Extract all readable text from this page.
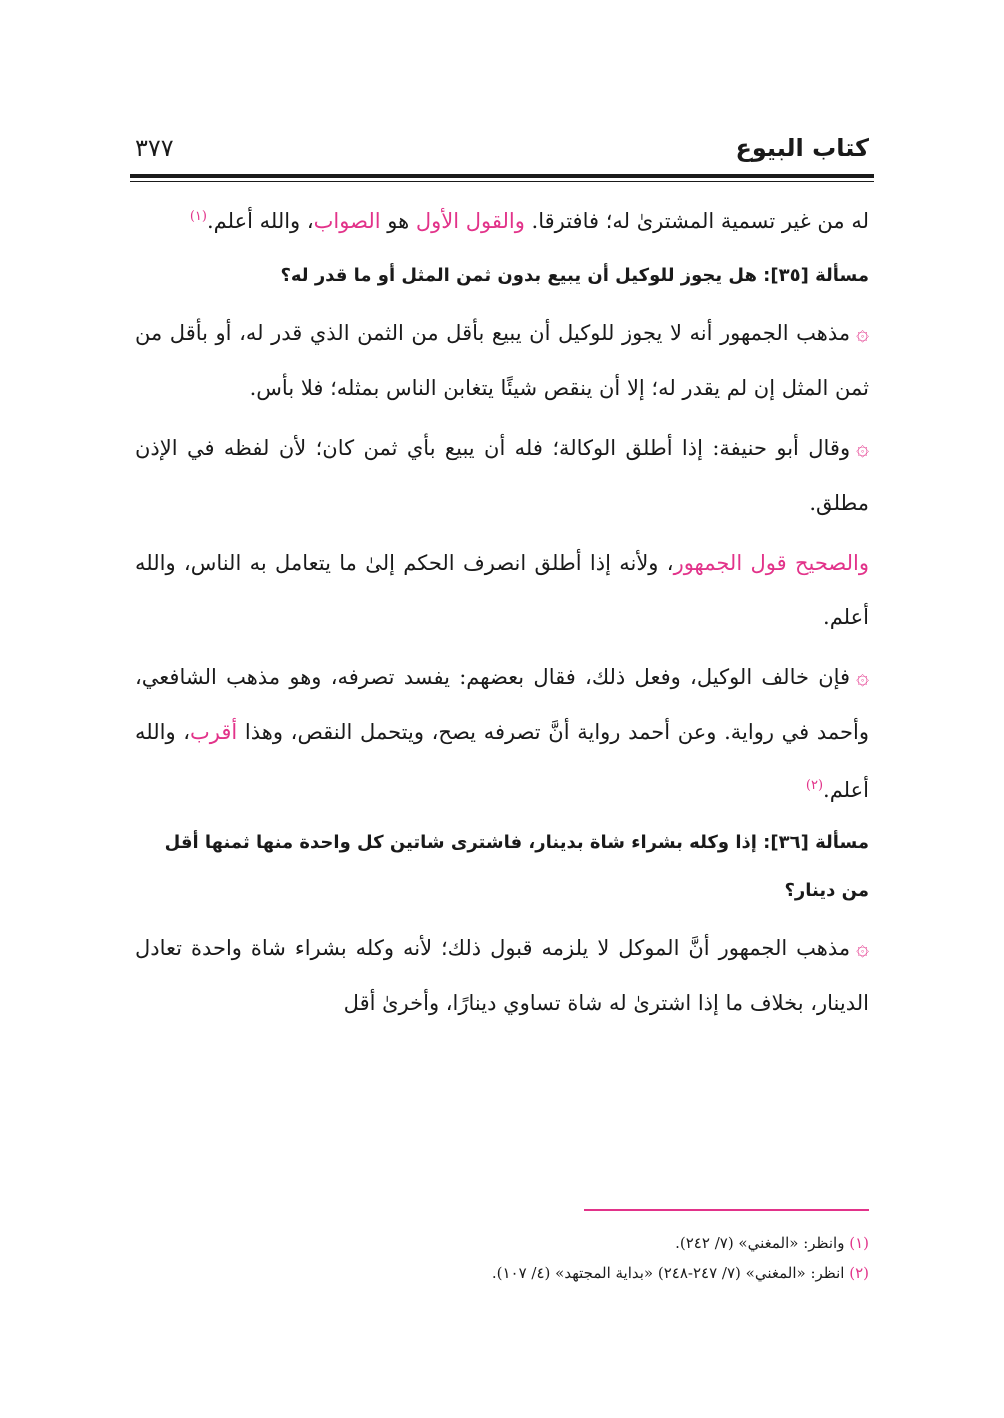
كتاب البيوع
٣٧٧

له من غير تسمية المشترىٰ له؛ فافترقا. والقول الأول هو الصواب، والله أعلم.$^{(١)}$

مسألة [٣٥]: هل يجوز للوكيل أن يبيع بدون ثمن المثل أو ما قدر له؟

۞مذهب الجمهور أنه لا يجوز للوكيل أن يبيع بأقل من الثمن الذي قدر له، أو بأقل من ثمن المثل إن لم يقدر له؛ إلا أن ينقص شيئًا يتغابن الناس بمثله؛ فلا بأس.

۞وقال أبو حنيفة: إذا أطلق الوكالة؛ فله أن يبيع بأي ثمن كان؛ لأن لفظه في الإذن مطلق.

والصحيح قول الجمهور، ولأنه إذا أطلق انصرف الحكم إلىٰ ما يتعامل به الناس، والله أعلم.

۞فإن خالف الوكيل، وفعل ذلك، فقال بعضهم: يفسد تصرفه، وهو مذهب الشافعي، وأحمد في رواية. وعن أحمد رواية أنَّ تصرفه يصح، ويتحمل النقص، وهذا أقرب، والله أعلم.$^{(٢)}$

مسألة [٣٦]: إذا وكله بشراء شاة بدينار، فاشترى شاتين كل واحدة منها ثمنها أقل من دينار؟

۞مذهب الجمهور أنَّ الموكل لا يلزمه قبول ذلك؛ لأنه وكله بشراء شاة واحدة تعادل الدينار، بخلاف ما إذا اشترىٰ له شاة تساوي دينارًا، وأخرىٰ أقل

(١) وانظر: «المغني» (٧/ ٢٤٢).
(٢) انظر: «المغني» (٧/ ٢٤٧-٢٤٨) «بداية المجتهد» (٤/ ١٠٧).
